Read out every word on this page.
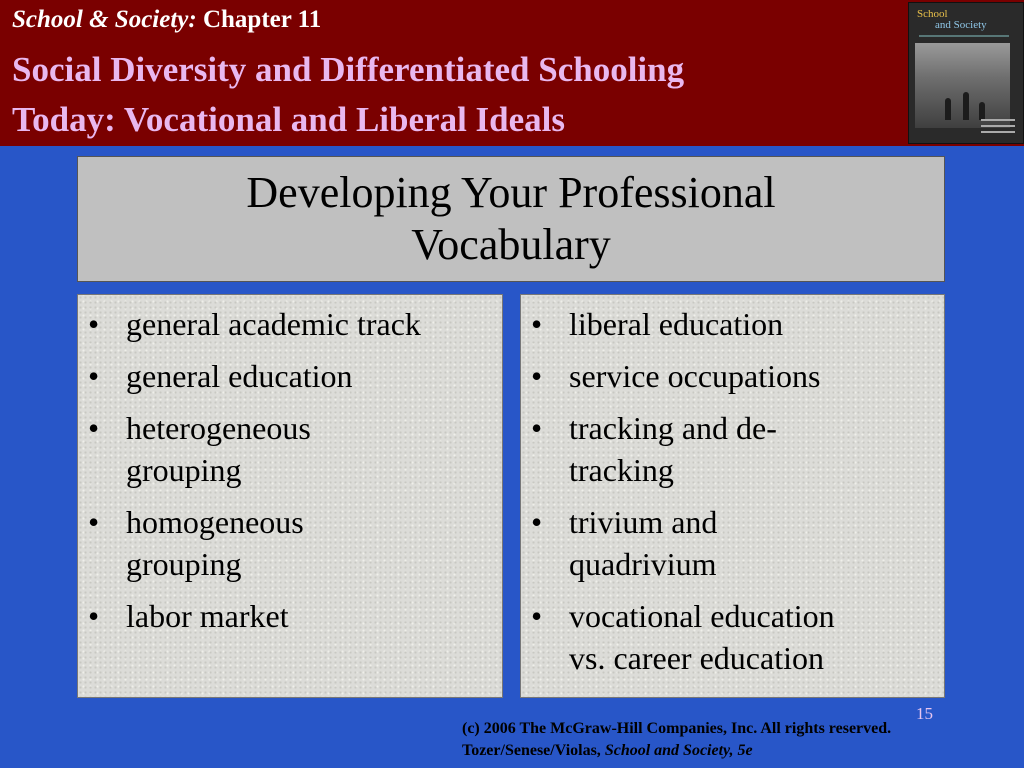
School & Society: Chapter 11
Social Diversity and Differentiated Schooling
Today: Vocational and Liberal Ideals
School
and Society
Developing Your Professional
Vocabulary
• general academic track
• general education
• heterogeneous
grouping
• homogeneous
grouping
• labor market
• liberal education
• service occupations
• tracking and de-
tracking
• trivium and
quadrivium
• vocational education
vs. career education
15
(c) 2006 The McGraw-Hill Companies, Inc. All rights reserved.
Tozer/Senese/Violas, School and Society, 5e
